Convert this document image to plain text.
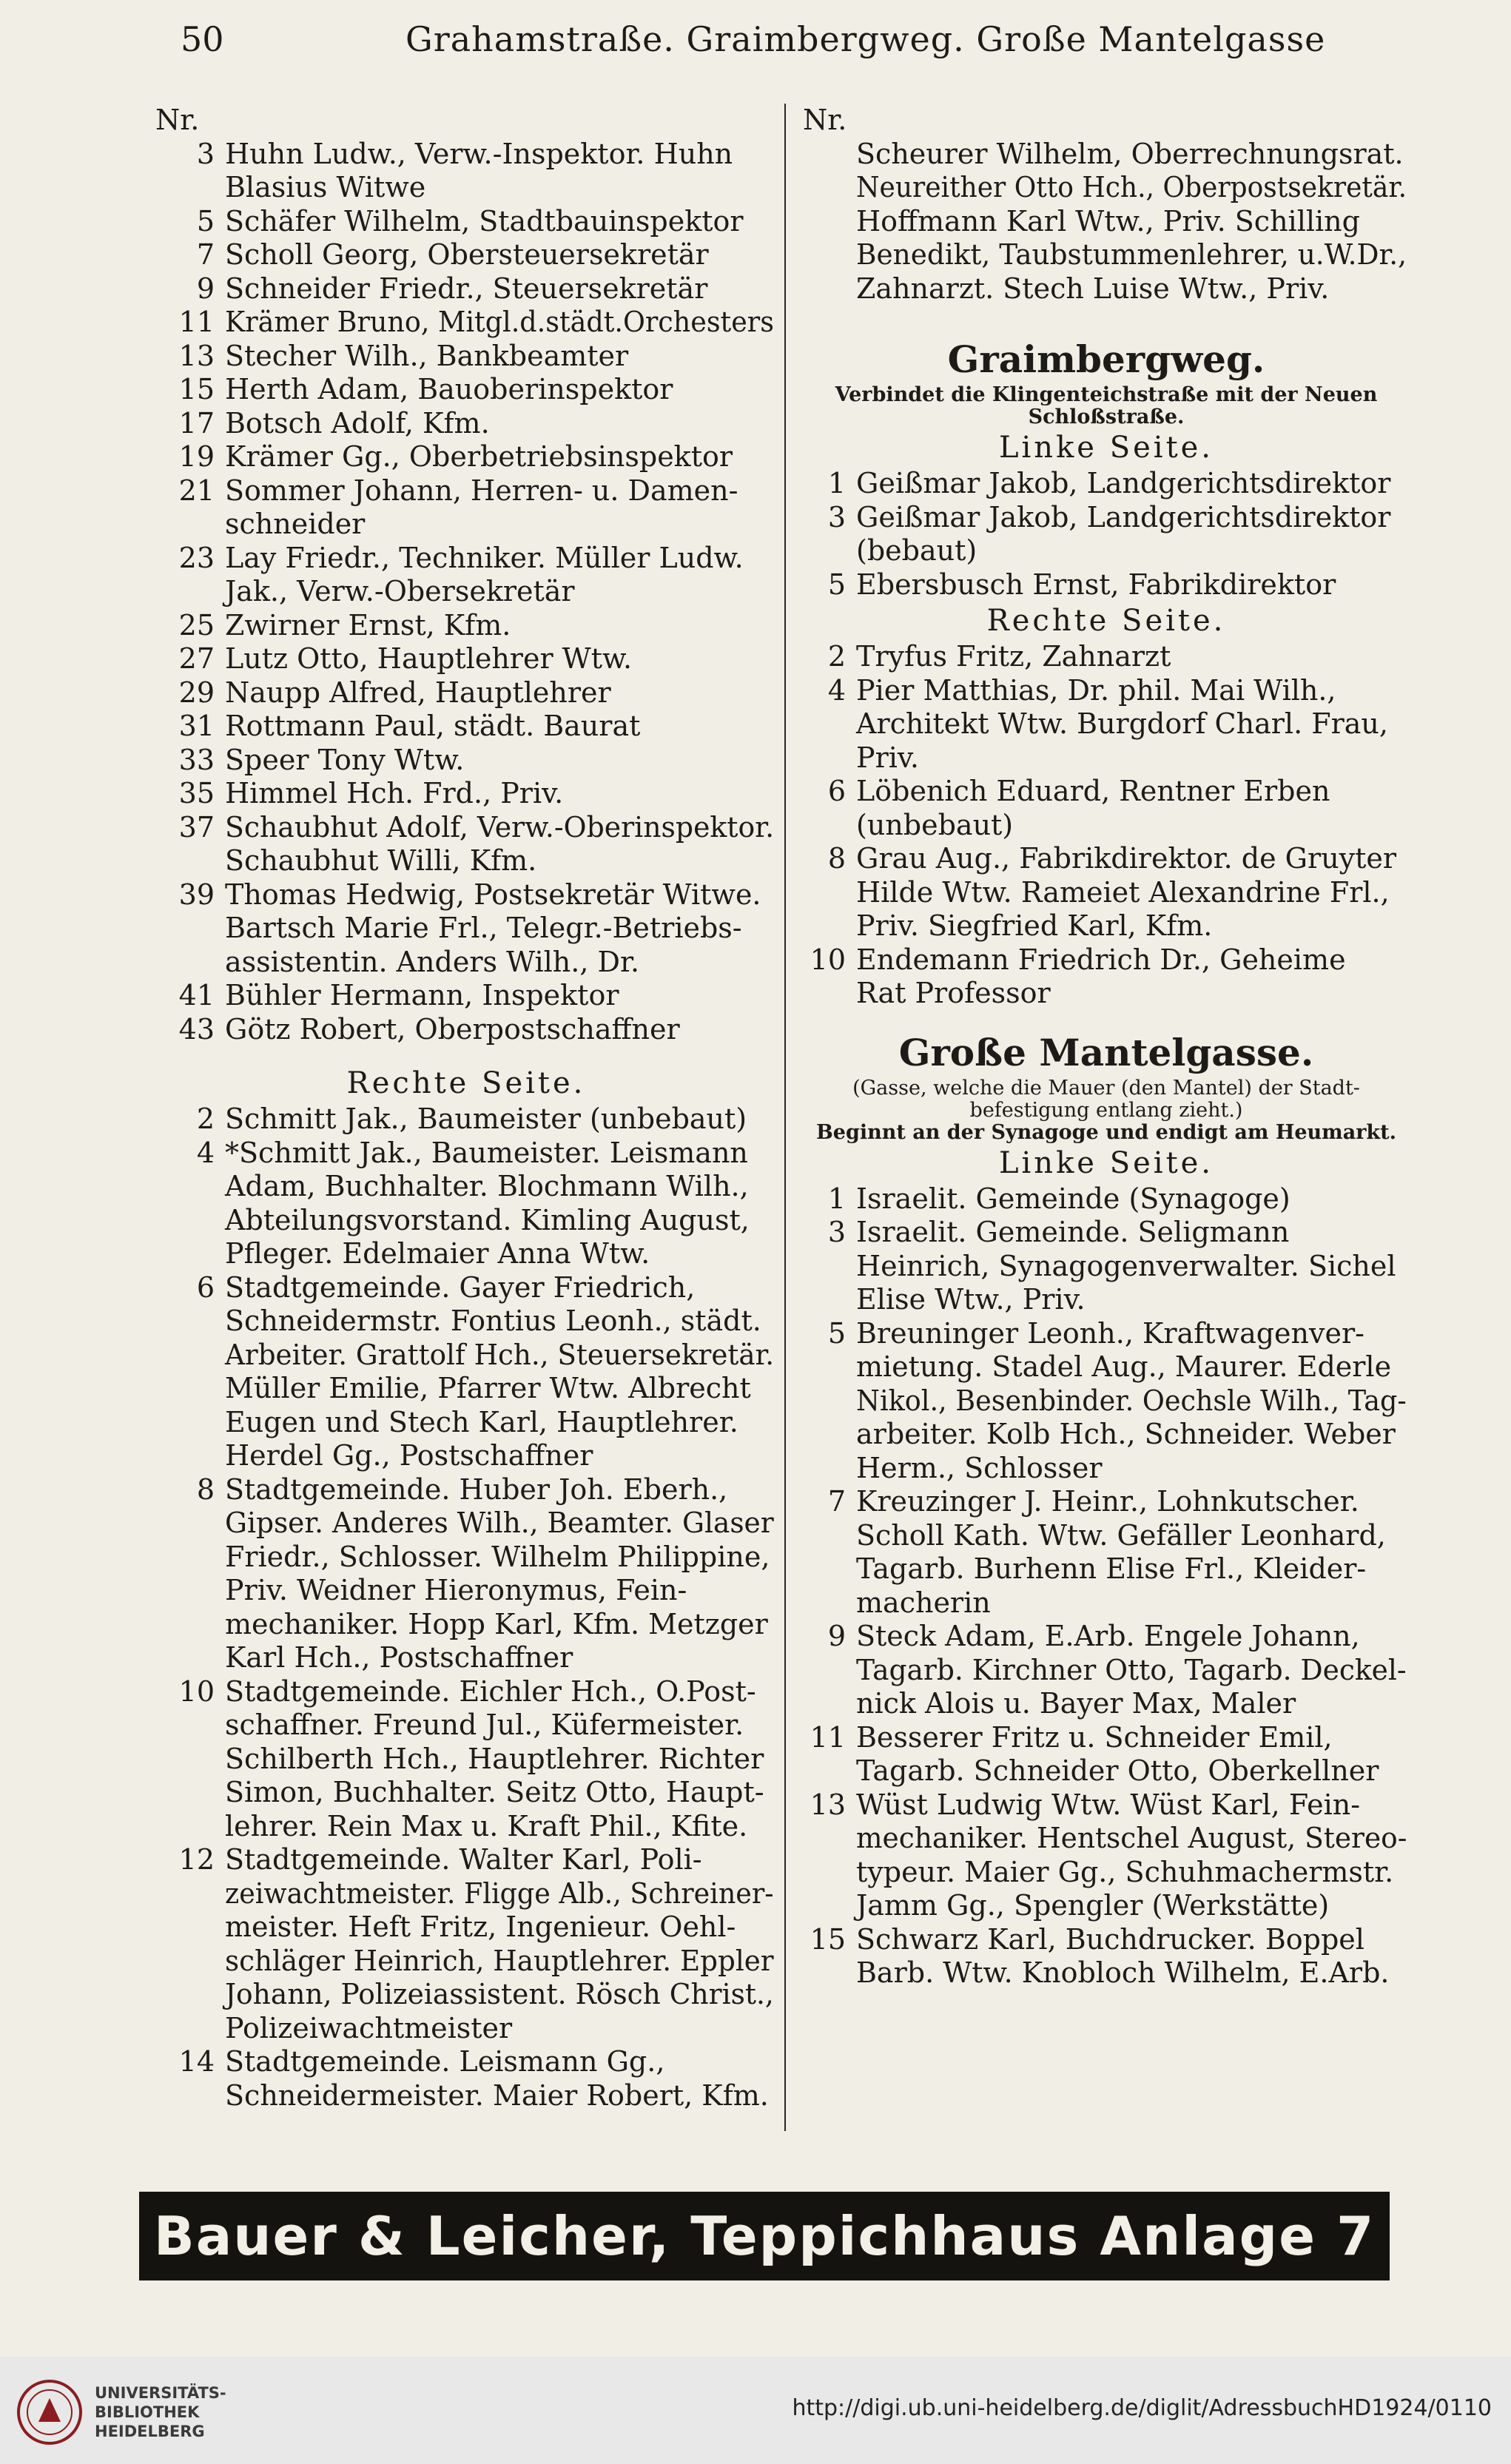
50	Grahamstraße. Graimbergweg. Große Mantelgasse
Nr.
3 Huhn Ludw., Verw.-Inspektor. Huhn
Blasius Witwe
5 Schäfer Wilhelm, Stadtbauinspektor
7 Scholl Georg, Obersteuersekretär
9 Schneider Friedr., Steuersekretär
11 Krämer Bruno, Mitgl.d.städt.Orchesters
13 Stecher Wilh., Bankbeamter
15 Herth Adam, Bauoberinspektor
17 Botsch Adolf, Kfm.
19 Krämer Gg., Oberbetriebsinspektor
21 Sommer Johann, Herren- u. Damen-
schneider
23 Lay Friedr., Techniker. Müller Ludw.
Jak., Verw.-Obersekretär
25 Zwirner Ernst, Kfm.
27 Lutz Otto, Hauptlehrer Wtw.
29 Naupp Alfred, Hauptlehrer
31 Rottmann Paul, städt. Baurat
33 Speer Tony Wtw.
35 Himmel Hch. Frd., Priv.
37 Schaubhut Adolf, Verw.-Oberinspektor.
Schaubhut Willi, Kfm.
39 Thomas Hedwig, Postsekretär Witwe.
Bartsch Marie Frl., Telegr.-Betriebs-
assistentin. Anders Wilh., Dr.
41 Bühler Hermann, Inspektor
43 Götz Robert, Oberpostschaffner
Rechte Seite.
2 Schmitt Jak., Baumeister (unbebaut)
4 *Schmitt Jak., Baumeister. Leismann
Adam, Buchhalter. Blochmann Wilh.,
Abteilungsvorstand. Kimling August,
Pfleger. Edelmaier Anna Wtw.
6 Stadtgemeinde. Gayer Friedrich,
Schneidermstr. Fontius Leonh., städt.
Arbeiter. Grattolf Hch., Steuersekretär.
Müller Emilie, Pfarrer Wtw. Albrecht
Eugen und Stech Karl, Hauptlehrer.
Herdel Gg., Postschaffner
8 Stadtgemeinde. Huber Joh. Eberh.,
Gipser. Anderes Wilh., Beamter. Glaser
Friedr., Schlosser. Wilhelm Philippine,
Priv. Weidner Hieronymus, Fein-
mechaniker. Hopp Karl, Kfm. Metzger
Karl Hch., Postschaffner
10 Stadtgemeinde. Eichler Hch., O.Post-
schaffner. Freund Jul., Küfermeister.
Schilberth Hch., Hauptlehrer. Richter
Simon, Buchhalter. Seitz Otto, Haupt-
lehrer. Rein Max u. Kraft Phil., Kfite.
12 Stadtgemeinde. Walter Karl, Poli-
zeiwachtmeister. Fligge Alb., Schreiner-
meister. Heft Fritz, Ingenieur. Oehl-
schläger Heinrich, Hauptlehrer. Eppler
Johann, Polizeiassistent. Rösch Christ.,
Polizeiwachtmeister
14 Stadtgemeinde. Leismann Gg.,
Schneidermeister. Maier Robert, Kfm.
Nr.
Scheurer Wilhelm, Oberrechnungsrat.
Neureither Otto Hch., Oberpostsekretär.
Hoffmann Karl Wtw., Priv. Schilling
Benedikt, Taubstummenlehrer, u.W.Dr.,
Zahnarzt. Stech Luise Wtw., Priv.
Graimbergweg.
Verbindet die Klingenteichstraße mit der Neuen Schloßstraße.
Linke Seite.
1 Geißmar Jakob, Landgerichtsdirektor
3 Geißmar Jakob, Landgerichtsdirektor
(bebaut)
5 Ebersbusch Ernst, Fabrikdirektor
Rechte Seite.
2 Tryfus Fritz, Zahnarzt
4 Pier Matthias, Dr. phil. Mai Wilh.,
Architekt Wtw. Burgdorf Charl. Frau,
Priv.
6 Löbenich Eduard, Rentner Erben
(unbebaut)
8 Grau Aug., Fabrikdirektor. de Gruyter
Hilde Wtw. Rameiet Alexandrine Frl.,
Priv. Siegfried Karl, Kfm.
10 Endemann Friedrich Dr., Geheime
Rat Professor
Große Mantelgasse.
(Gasse, welche die Mauer (den Mantel) der Stadt-befestigung entlang zieht.)
Beginnt an der Synagoge und endigt am Heumarkt.
Linke Seite.
1 Israelit. Gemeinde (Synagoge)
3 Israelit. Gemeinde. Seligmann
Heinrich, Synagogenverwalter. Sichel
Elise Wtw., Priv.
5 Breuninger Leonh., Kraftwagenver-
mietung. Stadel Aug., Maurer. Ederle
Nikol., Besenbinder. Oechsle Wilh., Tag-
arbeiter. Kolb Hch., Schneider. Weber
Herm., Schlosser
7 Kreuzinger J. Heinr., Lohnkutscher.
Scholl Kath. Wtw. Gefäller Leonhard,
Tagarb. Burhenn Elise Frl., Kleider-
macherin
9 Steck Adam, E.Arb. Engele Johann,
Tagarb. Kirchner Otto, Tagarb. Deckel-
nick Alois u. Bayer Max, Maler
11 Besserer Fritz u. Schneider Emil,
Tagarb. Schneider Otto, Oberkellner
13 Wüst Ludwig Wtw. Wüst Karl, Fein-
mechaniker. Hentschel August, Stereo-
typeur. Maier Gg., Schuhmachermstr.
Jamm Gg., Spengler (Werkstätte)
15 Schwarz Karl, Buchdrucker. Boppel
Barb. Wtw. Knobloch Wilhelm, E.Arb.
Bauer & Leicher, Teppichhaus Anlage 7
UNIVERSITÄTS-
BIBLIOTHEK
HEIDELBERG
http://digi.ub.uni-heidelberg.de/diglit/AdressbuchHD1924/0110
